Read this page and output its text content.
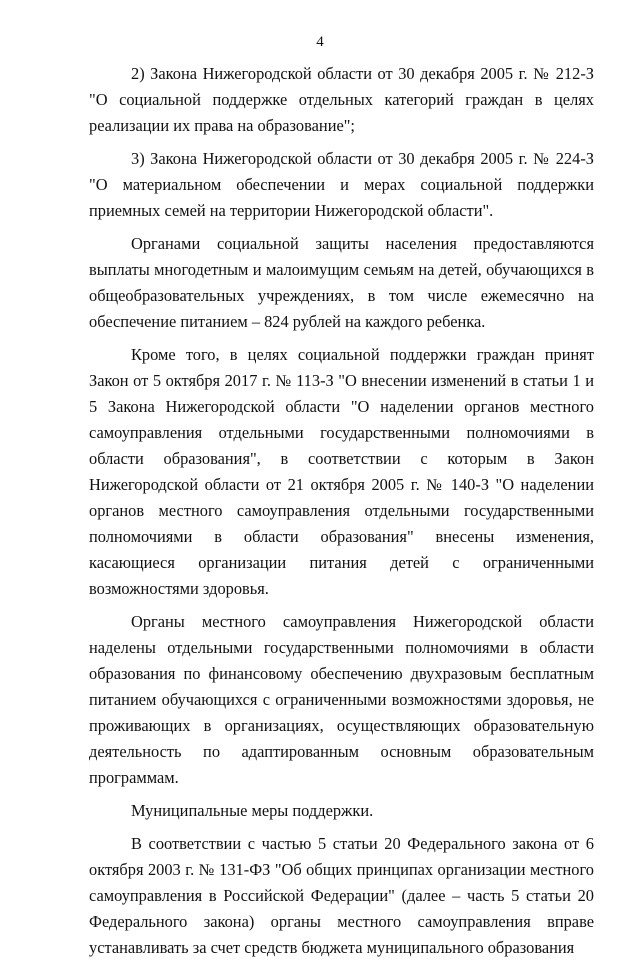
4

2) Закона Нижегородской области от 30 декабря 2005 г. № 212-З "О социальной поддержке отдельных категорий граждан в целях реализации их права на образование";

3) Закона Нижегородской области от 30 декабря 2005 г. № 224-З "О материальном обеспечении и мерах социальной поддержки приемных семей на территории Нижегородской области".

Органами социальной защиты населения предоставляются выплаты многодетным и малоимущим семьям на детей, обучающихся в общеобразовательных учреждениях, в том числе ежемесячно на обеспечение питанием – 824 рублей на каждого ребенка.

Кроме того, в целях социальной поддержки граждан принят Закон от 5 октября 2017 г. № 113-З "О внесении изменений в статьи 1 и 5 Закона Нижегородской области "О наделении органов местного самоуправления отдельными государственными полномочиями в области образования", в соответствии с которым в Закон Нижегородской области от 21 октября 2005 г. № 140-З "О наделении органов местного самоуправления отдельными государственными полномочиями в области образования" внесены изменения, касающиеся организации питания детей с ограниченными возможностями здоровья.

Органы местного самоуправления Нижегородской области наделены отдельными государственными полномочиями в области образования по финансовому обеспечению двухразовым бесплатным питанием обучающихся с ограниченными возможностями здоровья, не проживающих в организациях, осуществляющих образовательную деятельность по адаптированным основным образовательным программам.

Муниципальные меры поддержки.

В соответствии с частью 5 статьи 20 Федерального закона от 6 октября 2003 г. № 131-ФЗ "Об общих принципах организации местного самоуправления в Российской Федерации" (далее – часть 5 статьи 20 Федерального закона) органы местного самоуправления вправе устанавливать за счет средств бюджета муниципального образования
